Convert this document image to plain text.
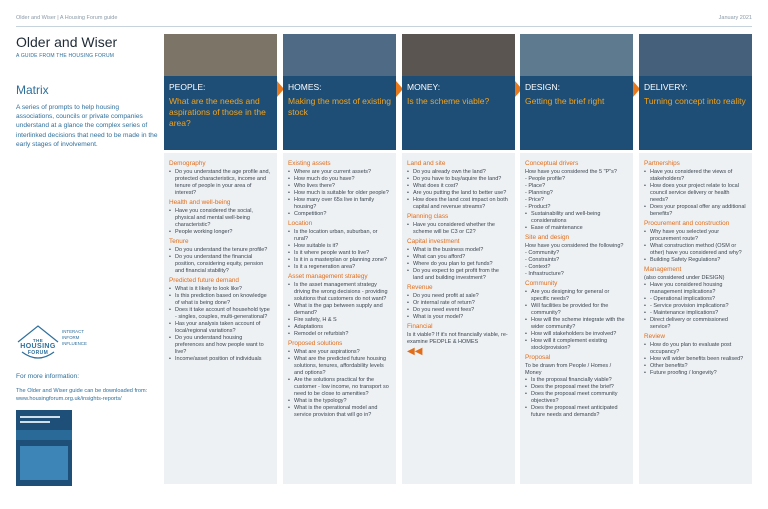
Older and Wiser | A Housing Forum guide	January 2021
Older and Wiser
A GUIDE FROM THE HOUSING FORUM
Matrix
A series of prompts to help housing associations, councils or private companies understand at a glance the complex series of interlinked decisions that need to be made in the early stages of involvement.
THE
HOUSING
FORUM
INTERACT
INFORM
INFLUENCE
For more information:
The Older and Wiser guide can be downloaded from: www.housingforum.org.uk/insights-reports/
PEOPLE:
What are the needs and aspirations of those in the area?
Demography
• Do you understand the age profile and, protected characteristics, income and tenure of people in your area of interest?
Health and well-being
• Have you considered the social, physical and mental well-being characteristic?
• People working longer?
Tenure
• Do you understand the tenure profile?
• Do you understand the financial position, considering equity, pension and financial stability?
Predicted future demand
• What is it likely to look like?
• Is this prediction based on knowledge of what is being done?
• Does it take account of household type - singles, couples, multi-generational?
• Has your analysis taken account of local/regional variations?
• Do you understand housing preferences and how people want to live?
• Income/asset position of individuals
HOMES:
Making the most of existing stock
Existing assets
• Where are your current assets?
• How much do you have?
• Who lives there?
• How much is suitable for older people?
• How many over 65s live in family housing?
• Competition?
Location
• Is the location urban, suburban, or rural?
• How suitable is it?
• Is it where people want to live?
• Is it in a masterplan or planning zone?
• Is it a regeneration area?
Asset management strategy
• Is the asset management strategy driving the wrong decisions - providing solutions that customers do not want?
• What is the gap between supply and demand?
• Fire safety, H & S
• Adaptations
• Remodel or refurbish?
Proposed solutions
• What are your aspirations?
• What are the predicted future housing solutions, tenures, affordability levels and options?
• Are the solutions practical for the customer - low income, no transport so need to be close to amenities?
• What is the typology?
• What is the operational model and service provision that will go in?
MONEY:
Is the scheme viable?
Land and site
• Do you already own the land?
• Do you have to buy/aquire the land?
• What does it cost?
• Are you putting the land to better use?
• How does the land cost impact on both capital and revenue streams?
Planning class
• Have you considered whether the scheme will be C3 or C2?
Capital investment
• What is the business model?
• What can you afford?
• Where do you plan to get funds?
• Do you expect to get profit from the land and building investment?
Revenue
• Do you need profit at sale?
• Or internal rate of return?
• Do you need event fees?
• What is your model?
Financial
Is it viable? If it's not financially viable, re-examine PEOPLE & HOMES
◀◀
DESIGN:
Getting the brief right
Conceptual drivers
How have you considered the 5 "P"s?
- People profile?
- Place?
- Planning?
- Price?
- Product?
• Sustainability and well-being considerations
• Ease of maintenance
Site and design
How have you considered the following?
- Community?
- Constraints?
- Context?
- Infrastructure?
Community
• Are you designing for general or specific needs?
• Will facilities be provided for the community?
• How will the scheme integrate with the wider community?
• How will stakeholders be involved?
• How will it complement existing stock/provision?
Proposal
To be drawn from People / Homes / Money
• Is the proposal financially viable?
• Does the proposal meet the brief?
• Does the proposal meet community objectives?
• Does the proposal meet anticipated future needs and demands?
DELIVERY:
Turning concept into reality
Partnerships
• Have you considered the views of stakeholders?
• How does your project relate to local council service delivery or health needs?
• Does your proposal offer any additional benefits?
Procurement and construction
• Why have you selected your procurement route?
• What construction method (OSM or other) have you considered and why?
• Building Safety Regulations?
Management
(also considered under DESIGN)
• Have you considered housing management implications?
• - Operational implications?
• - Service provision implications?
• - Maintenance implications?
• Direct delivery or commissioned service?
Review
• How do you plan to evaluate post occupancy?
• How will wider benefits been realised?
• Other benefits?
• Future proofing / longevity?
